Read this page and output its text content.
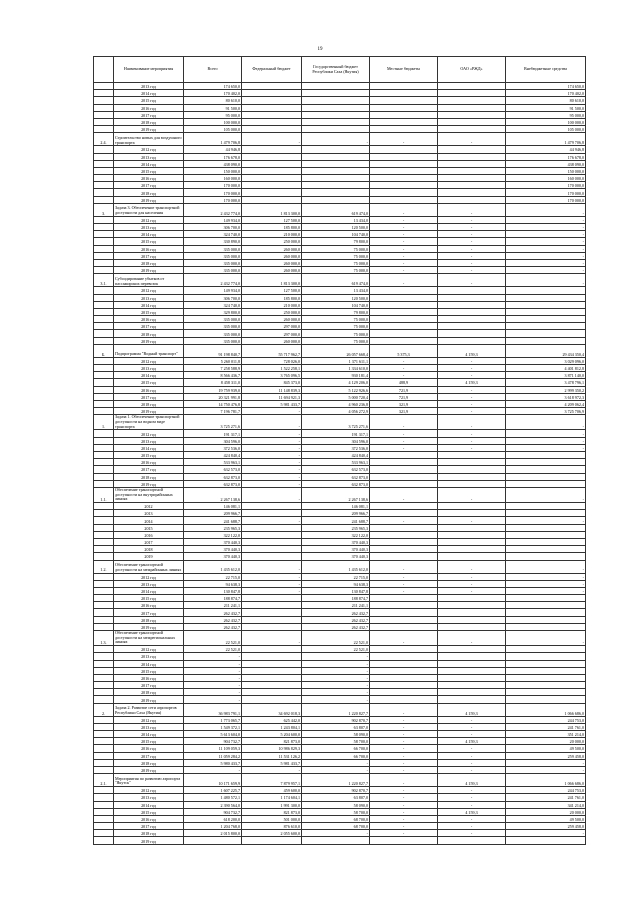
19
	Наименование мероприятия	Всего	Федеральный бюджет	Государственный бюджет Республики Саха (Якутия)	Местные бюджеты	ОАО «РЖД»	Внебюджетные средства
	2013 год	174 650,0					174 650,0
	2014 год	170 402,0					170 402,0
	2015 год	80 610,0					80 610,0
	2016 год	91 500,0					91 500,0
	2017 год	95 000,0					95 000,0
	2018 год	100 000,0					100 000,0
	2019 год	105 000,0					105 000,0
2.4.	Строительство новых для воздушного транспорта	1 479 706,8	-	-	-	-	1 479 706,8
	2012 год	44 946,8					44 946,8
	2013 год	176 678,0					176 678,0
	2014 год	438 090,0					438 090,0
	2015 год	150 000,0					150 000,0
	2016 год	160 000,0					160 000,0
	2017 год	170 000,0					170 000,0
	2018 год	170 000,0					170 000,0
	2019 год	170 000,0					170 000,0
3.	Задача 3. Обеспечение транспортной доступности для населения	2 432 774,0	1 813 300,0	619 474,0	-	-	-
	2012 год	149 934,0	127 500,0	13 434,0	-	-	-
	2013 год	306 700,0	185 800,0	120 500,0	-	-	-
	2014 год	324 740,0	210 000,0	104 740,0	-	-	-
	2015 год	330 890,0	250 000,0	79 800,0	-	-	-
	2016 год	335 000,0	260 000,0	75 000,0	-	-	-
	2017 год	335 000,0	260 000,0	75 000,0	-	-	-
	2018 год	335 000,0	260 000,0	75 000,0	-	-	-
	2019 год	335 000,0	260 000,0	75 000,0	-	-	-
3.1.	Субсидирование убытков от пассажирских перевозок	2 432 774,0	1 813 300,0	619 474,0	-	-	-
	2012 год	149 934,0	127 500,0	13 434,0			
	2013 год	306 700,0	185 800,0	120 500,0			
	2014 год	324 740,0	210 000,0	104 740,0			
	2015 год	329 800,0	250 000,0	79 800,0			
	2016 год	335 000,0	260 000,0	75 000,0			
	2017 год	335 000,0	297 000,0	75 000,0			
	2018 год	335 000,0	297 000,0	75 000,0			
	2019 год	335 000,0	260 000,0	75 000,0			
Б.	Подпрограмма "Водный транспорт"	91 198 840,7	55 717 962,7	26 057 668,4	5 375,3	4 159,3	29 434 350,4
	2012 год	5 260 011,8	728 026,0	1 371 611,1	-	-	3 029 096,0
	2013 год	7 258 588,9	1 522 258,1	1 334 610,0	-	-	4 401 812,8
	2014 год	8 566 436,7	3 765 096,5	930 181,4	-	-	3 871 140,0
	2015 год	8 458 311,0	845 373,0	4 129 206,0	488,9	4 159,3	3 478 796,1
	2016 год	19 759 939,0	11 148 839,3	5 122 926,6	721,9	-	2 999 350,2
	2017 год	20 321 991,8	11 694 921,3	5 000 720,4	721,9	-	3 618 972,3
	2018 год	14 750 476,8	5 981 433,7	4 960 236,8	321,9	-	4 209 062,4
	2019 год	7 196 781,7	-	4 056 272,9	321,9	-	3 725 706,9
1.	Задача 1. Обеспечение транспортной доступности на водном виде транспорта	3 725 271,6	-	3 725 271,6	-	-	-
	2012 год	191 317,1	-	191 317,1	-	-	-
	2013 год	304 596,0	-	304 596,0	-	-	-
	2014 год	372 536,0	-	372 536,0	-	-	-
	2015 год	424 840,4	-	424 840,4			
	2016 год	533 963,1	-	533 963,1			
	2017 год	632 573,0	-	632 573,0			
	2018 год	632 873,0	-	632 873,0			
	2019 год	632 873,0	-	632 873,0			
1.1.	Обеспечение транспортной доступности на внутрирайонных линиях	2 267 138,6	-	2 267 138,6	-	-	-
	2012	146 081,1		146 081,1			
	2013	209 966,7		209 966,7			
	2014	241 688,7	-	241 688,7	-	-	-
	2015	235 965,3		235 965,3			
	2016	322 122,0		322 122,0			
	2017	370 440,3		370 440,3			
	2018	370 440,3		370 440,3			
	2019	370 440,3		370 440,3			
1.2.	Обеспечение транспортной доступности на межрайонных линиях	1 435 612,0	-	1 435 612,0	-	-	-
	2012 год	22 715,0	-	22 715,0	-	-	-
	2013 год	94 638,3	-	94 638,3	-	-	-
	2014 год	130 847,8	-	130 847,8	-	-	-
	2015 год	188 874,7		188 874,7			
	2016 год	211 241,1		211 241,1			
	2017 год	262 432,7		262 432,7			
	2018 год	262 432,7		262 432,7			
	2019 год	262 432,7		262 432,7			
1.3.	Обеспечение транспортной доступности на межрегиональных линиях	22 521,0	-	22 521,0	-	-	-
	2012 год	22 521,0		22 521,0			
	2013 год	-		-			
	2014 год	-		-			
	2015 год	-		-			
	2016 год	-		-			
	2017 год	-		-			
	2018 год	-		-			
	2019 год	-		-			
2.	Задача 2. Развитие сети аэропортов Республики Саха (Якутия)	36 983 791,1	34 692 018,3	1 220 827,7	-	4 159,3	1 066 686,0
	2012 год	1 773 065,7	625 442,0	902 870,7	-	-	244 753,0
	2013 год	1 549 372,1	1 243 804,1	63 807,0	-	-	241 761,0
	2014 год	5 613 604,0	5 204 600,0	58 090,0	-	-	351 214,0
	2015 год	904 732,7	821 873,0	58 700,0	-	4 159,3	20 000,0
	2016 год	11 109 059,3	10 986 829,3	66 700,0	-	-	49 500,0
	2017 год	11 059 284,2	11 531 126,2	66 700,0	-	-	259 458,0
	2018 год	5 980 433,7	5 981 433,7	-	-	-	-
	2019 год	-	-	-	-	-	-
2.1.	Мероприятия по развитию аэропорта "Якутск"	10 171 659,9	7 879 957,1	1 220 827,7	-	4 159,3	1 066 686,0
	2012 год	1 607 225,7	459 600,0	902 870,7	-	-	244 753,0
	2013 год	1 480 572,1	1 174 604,1	63 807,0	-	-	241 761,0
	2014 год	2 390 564,0	1 991 300,0	58 090,0	-	-	341 214,0
	2015 год	904 732,7	821 873,0	58 700,0	-	4 159,3	20 000,0
	2016 год	618 200,0	501 000,0	68 700,0	-	-	49 500,0
	2017 год	1 204 768,0	876 610,0	68 700,0	-	-	259 458,0
	2018 год	2 015 800,0	2 055 600,0	-	-	-	-
	2019 год						
